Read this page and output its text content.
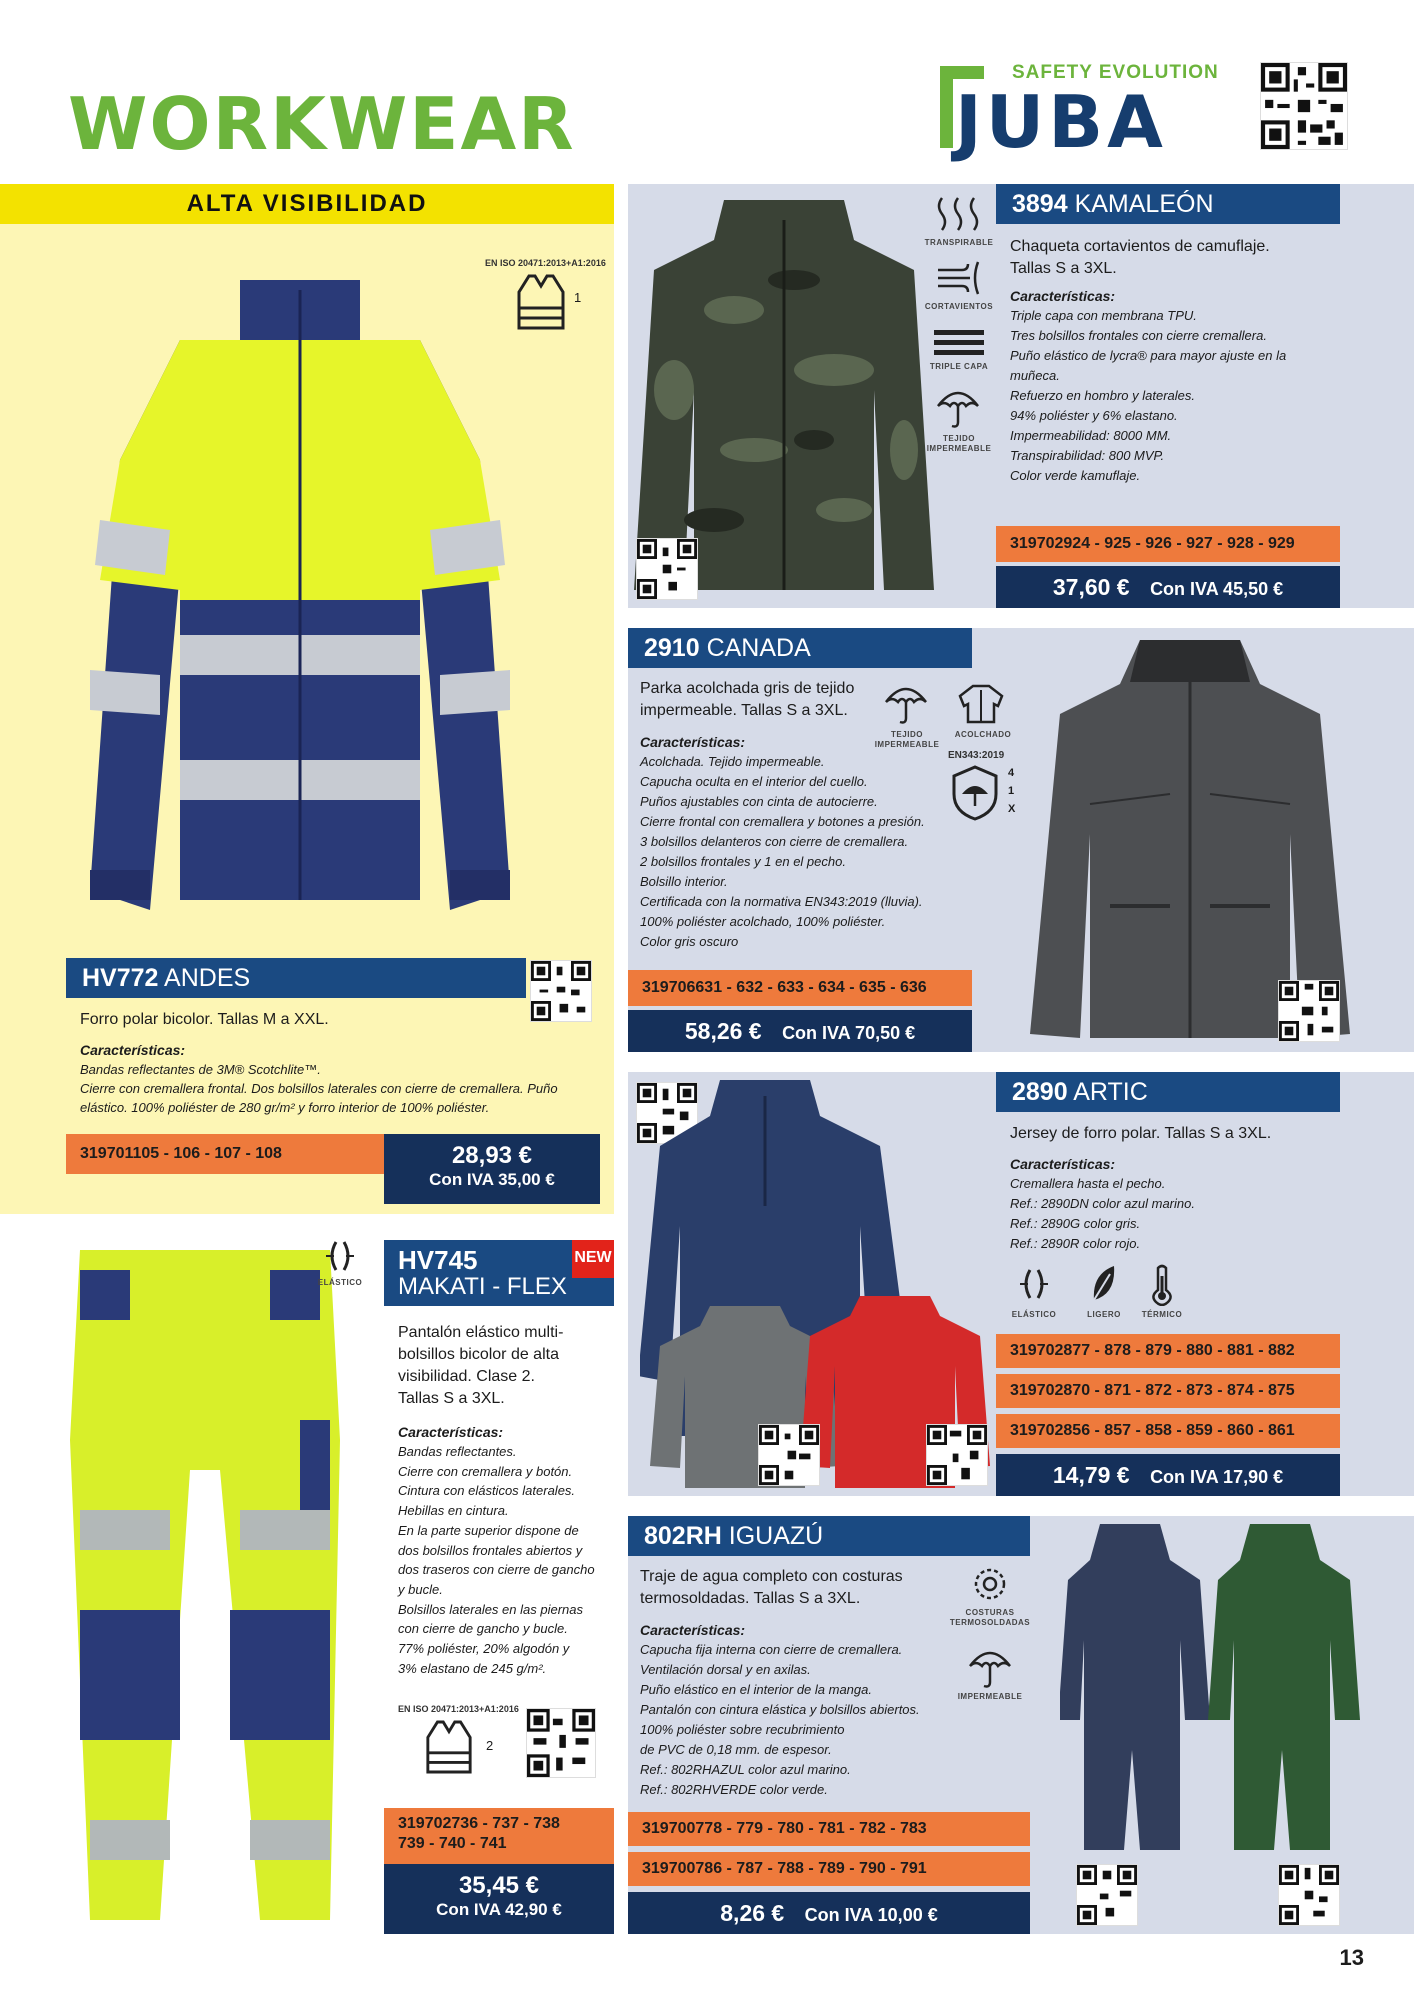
WORKWEAR
SAFETY EVOLUTION
JUBA
ALTA VISIBILIDAD
EN ISO 20471:2013+A1:2016
1
HV772 ANDES
Forro polar bicolor. Tallas M a XXL.
Características:
Bandas reflectantes de 3M® Scotchlite™.
Cierre con cremallera frontal. Dos bolsillos laterales con cierre de cremallera. Puño elástico. 100% poliéster de 280 gr/m² y forro interior de 100% poliéster.
319701105 - 106 - 107 - 108	28,93 €
Con IVA 35,00 €
ELÁSTICO
HV745
MAKATI - FLEX
NEW
Pantalón elástico multi-
bolsillos bicolor de alta
visibilidad. Clase 2.
Tallas S a 3XL.
Características:
Bandas reflectantes.
Cierre con cremallera y botón.
Cintura con elásticos laterales.
Hebillas en cintura.
En la parte superior dispone de
dos bolsillos frontales abiertos y
dos traseros con cierre de gancho
y bucle.
Bolsillos laterales en las piernas
con cierre de gancho y bucle.
77% poliéster, 20% algodón y
3% elastano de 245 g/m².
EN ISO 20471:2013+A1:2016
2
319702736 - 737 - 738
739 - 740 - 741
35,45 €
Con IVA 42,90 €
TRANSPIRABLE
CORTAVIENTOS
TRIPLE CAPA
TEJIDO
IMPERMEABLE
3894 KAMALEÓN
Chaqueta cortavientos de camuflaje.
Tallas S a 3XL.
Características:
Triple capa con membrana TPU.
Tres bolsillos frontales con cierre cremallera.
Puño elástico de lycra® para mayor ajuste en la
muñeca.
Refuerzo en hombro y laterales.
94% poliéster y 6% elastano.
Impermeabilidad: 8000 MM.
Transpirabilidad: 800 MVP.
Color verde kamuflaje.
319702924 - 925 - 926 - 927 - 928 - 929
37,60 € Con IVA 45,50 €
2910 CANADA
Parka acolchada gris de tejido
impermeable. Tallas S a 3XL.
Características:
Acolchada. Tejido impermeable.
Capucha oculta en el interior del cuello.
Puños ajustables con cinta de autocierre.
Cierre frontal con cremallera y botones a presión.
3 bolsillos delanteros con cierre de cremallera.
2 bolsillos frontales y 1 en el pecho.
Bolsillo interior.
Certificada con la normativa EN343:2019 (lluvia).
100% poliéster acolchado, 100% poliéster.
Color gris oscuro
TEJIDO
IMPERMEABLE
ACOLCHADO
EN343:2019
4
1
X
319706631 - 632 - 633 - 634 - 635 - 636
58,26 € Con IVA 70,50 €
2890 ARTIC
Jersey de forro polar. Tallas S a 3XL.
Características:
Cremallera hasta el pecho.
Ref.: 2890DN color azul marino.
Ref.: 2890G color gris.
Ref.: 2890R color rojo.
ELÁSTICO	LIGERO	TÉRMICO
319702877 - 878 - 879 - 880 - 881 - 882
319702870 - 871 - 872 - 873 - 874 - 875
319702856 - 857 - 858 - 859 - 860 - 861
14,79 € Con IVA 17,90 €
802RH IGUAZÚ
Traje de agua completo con costuras
termosoldadas. Tallas S a 3XL.
Características:
Capucha fija interna con cierre de cremallera.
Ventilación dorsal y en axilas.
Puño elástico en el interior de la manga.
Pantalón con cintura elástica y bolsillos abiertos.
100% poliéster sobre recubrimiento
de PVC de 0,18 mm. de espesor.
Ref.: 802RHAZUL color azul marino.
Ref.: 802RHVERDE color verde.
COSTURAS
TERMOSOLDADAS
IMPERMEABLE
319700778 - 779 - 780 - 781 - 782 - 783
319700786 - 787 - 788 - 789 - 790 - 791
8,26 € Con IVA 10,00 €
13
